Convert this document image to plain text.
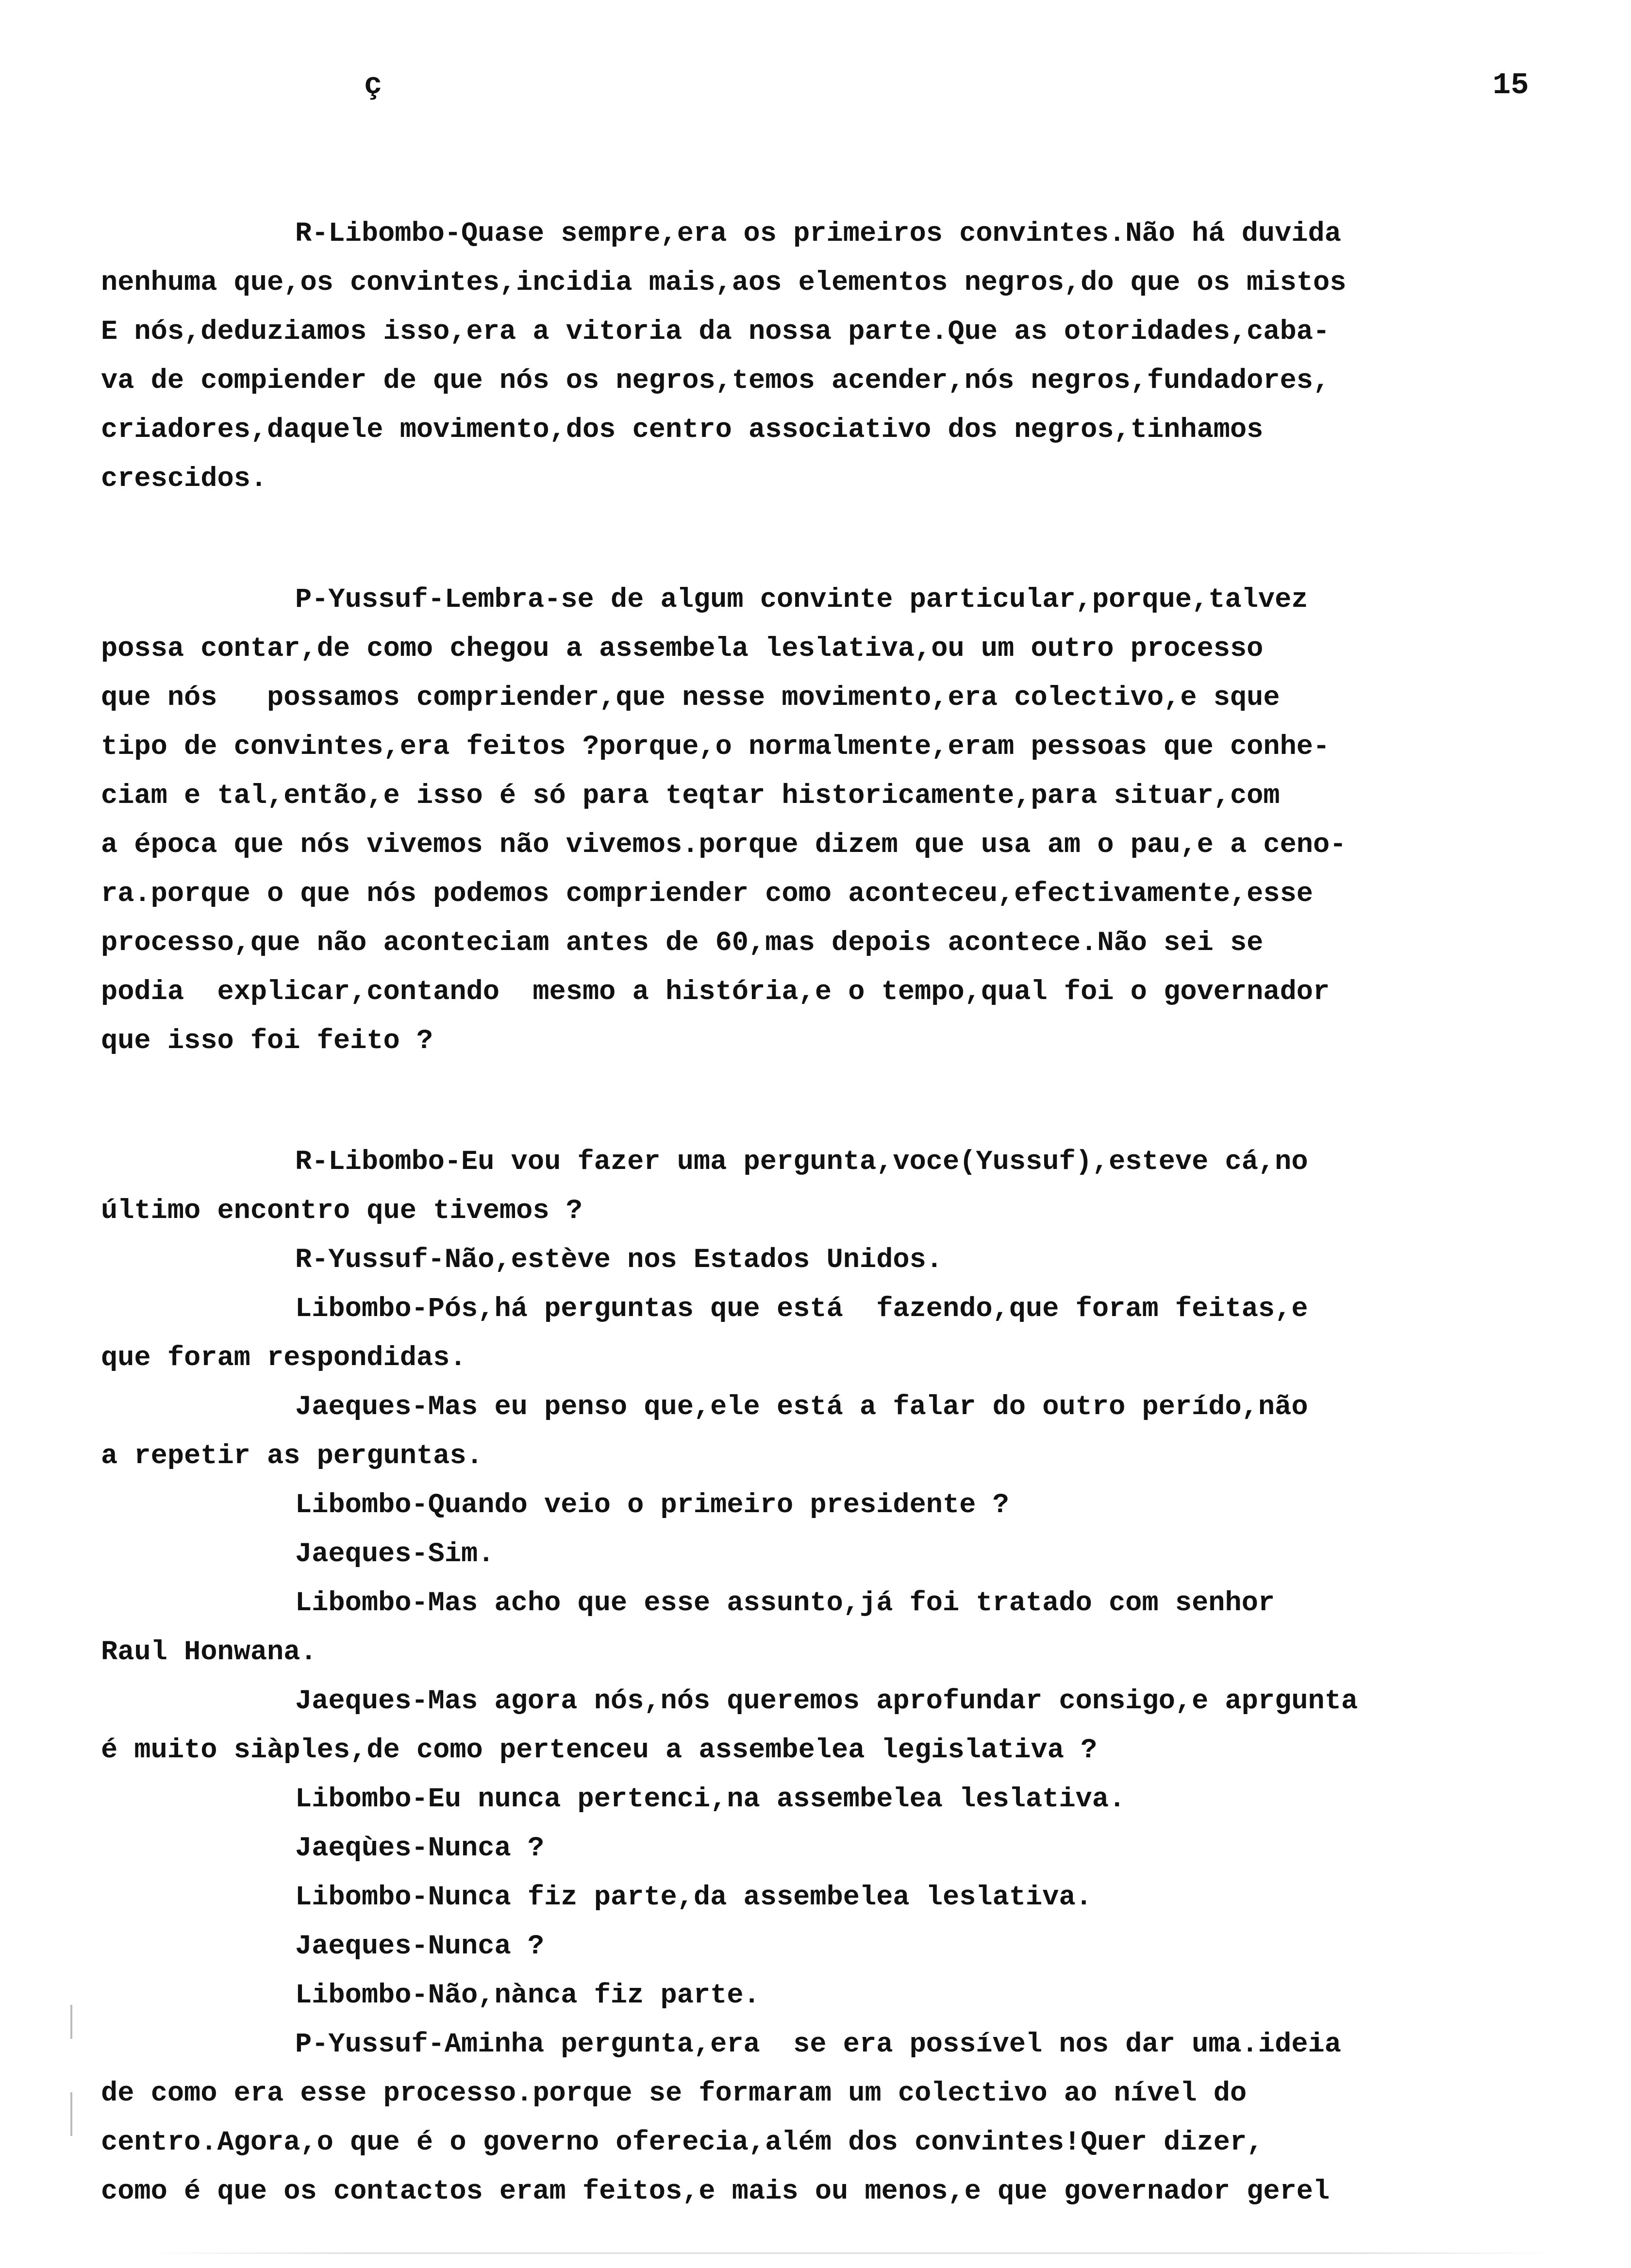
ç	15
R-Libombo-Quase sempre,era os primeiros convintes.Não há duvida
nenhuma que,os convintes,incidia mais,aos elementos negros,do que os mistos
E nós,deduziamos isso,era a vitoria da nossa parte.Que as otoridades,caba-
va de compiender de que nós os negros,temos acender,nós negros,fundadores,
criadores,daquele movimento,dos centro associativo dos negros,tinhamos
crescidos.
P-Yussuf-Lembra-se de algum convinte particular,porque,talvez
possa contar,de como chegou a assembela leslativa,ou um outro processo
que nós   possamos compriender,que nesse movimento,era colectivo,e sque
tipo de convintes,era feitos ?porque,o normalmente,eram pessoas que conhe-
ciam e tal,então,e isso é só para teqtar historicamente,para situar,com
a época que nós vivemos não vivemos.porque dizem que usa am o pau,e a ceno-
ra.porque o que nós podemos compriender como aconteceu,efectivamente,esse
processo,que não aconteciam antes de 60,mas depois acontece.Não sei se
podia  explicar,contando  mesmo a história,e o tempo,qual foi o governador
que isso foi feito ?
R-Libombo-Eu vou fazer uma pergunta,voce(Yussuf),esteve cá,no
último encontro que tivemos ?
R-Yussuf-Não,estève nos Estados Unidos.
Libombo-Pós,há perguntas que está  fazendo,que foram feitas,e
que foram respondidas.
Jaeques-Mas eu penso que,ele está a falar do outro perído,não
a repetir as perguntas.
Libombo-Quando veio o primeiro presidente ?
Jaeques-Sim.
Libombo-Mas acho que esse assunto,já foi tratado com senhor
Raul Honwana.
Jaeques-Mas agora nós,nós queremos aprofundar consigo,e aprgunta
é muito siàples,de como pertenceu a assembelea legislativa ?
Libombo-Eu nunca pertenci,na assembelea leslativa.
Jaeqùes-Nunca ?
Libombo-Nunca fiz parte,da assembelea leslativa.
Jaeques-Nunca ?
Libombo-Não,nànca fiz parte.
P-Yussuf-Aminha pergunta,era  se era possível nos dar uma.ideia
de como era esse processo.porque se formaram um colectivo ao nível do
centro.Agora,o que é o governo oferecia,além dos convintes!Quer dizer,
como é que os contactos eram feitos,e mais ou menos,e que governador gerel
